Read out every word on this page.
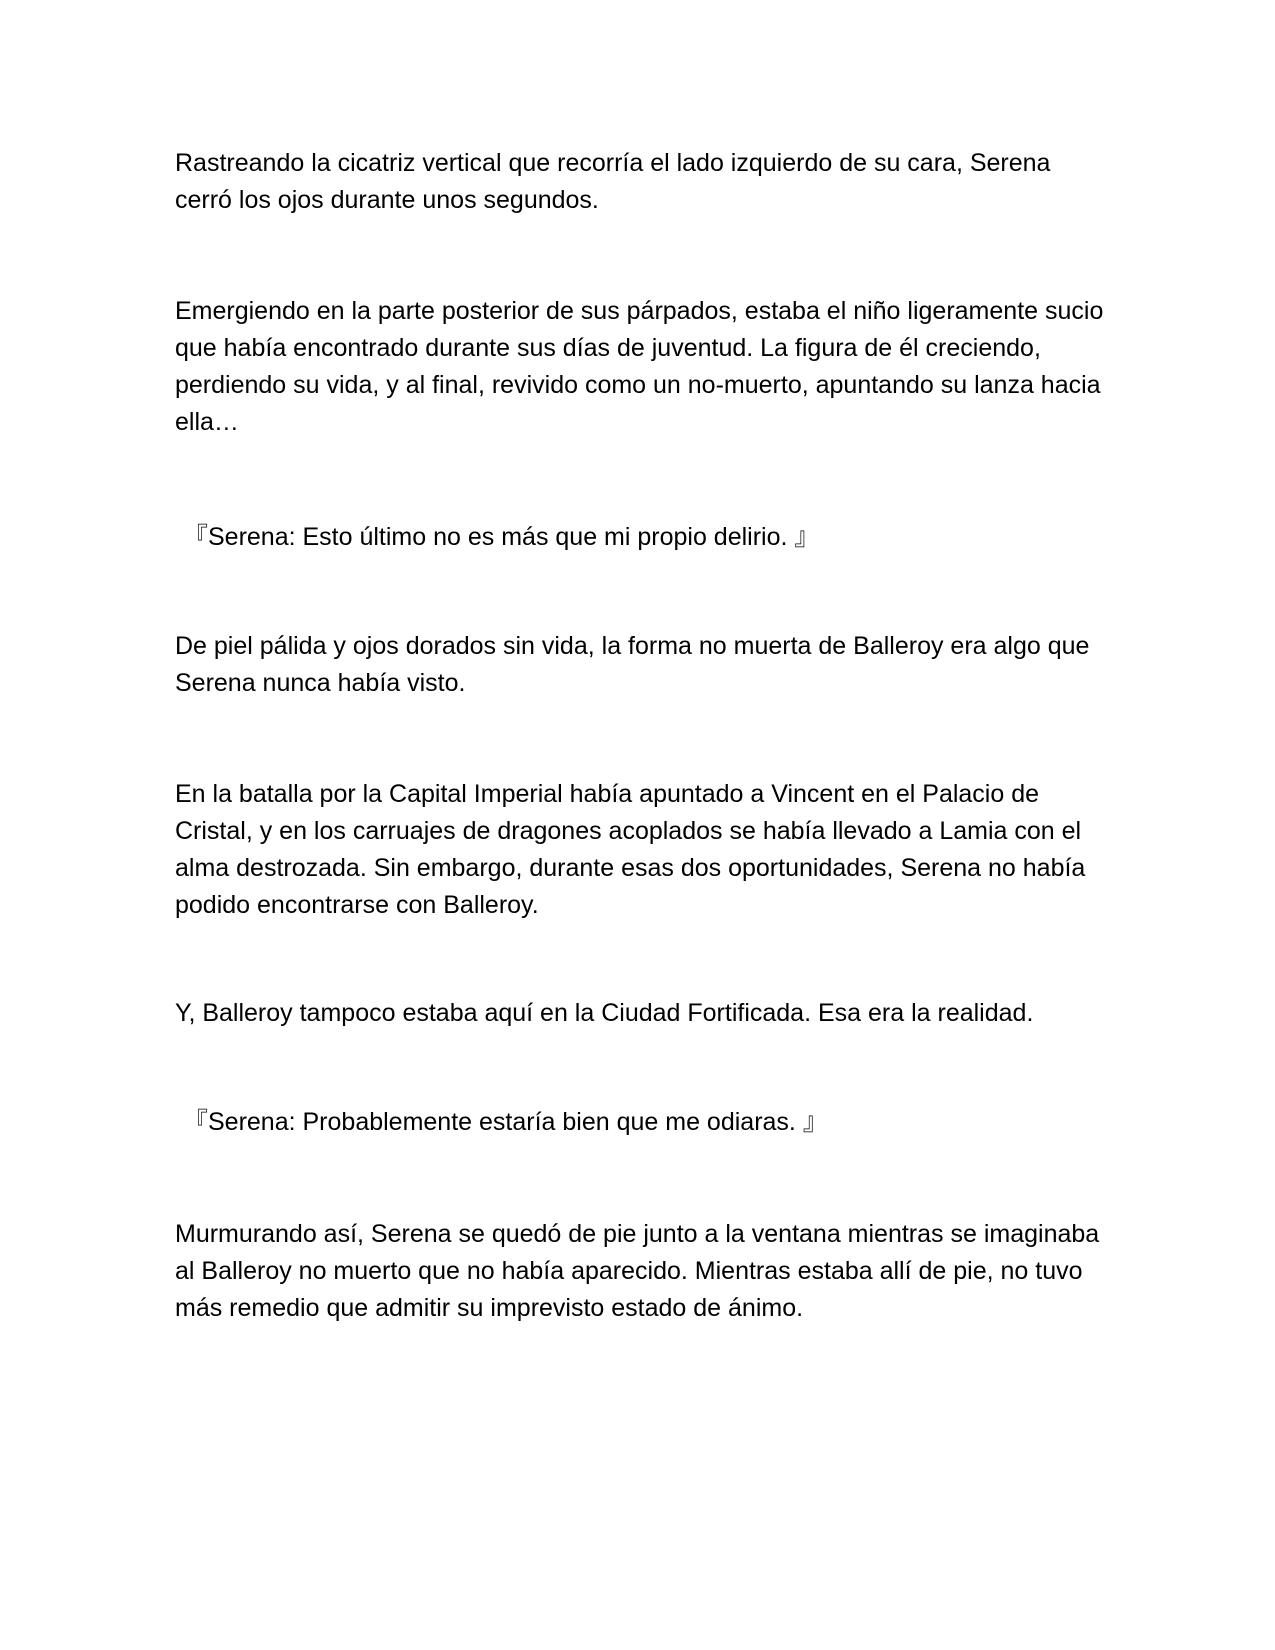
Rastreando la cicatriz vertical que recorría el lado izquierdo de su cara, Serena cerró los ojos durante unos segundos.

Emergiendo en la parte posterior de sus párpados, estaba el niño ligeramente sucio que había encontrado durante sus días de juventud. La figura de él creciendo, perdiendo su vida, y al final, revivido como un no-muerto, apuntando su lanza hacia ella…

『Serena: Esto último no es más que mi propio delirio. 』

De piel pálida y ojos dorados sin vida, la forma no muerta de Balleroy era algo que Serena nunca había visto.

En la batalla por la Capital Imperial había apuntado a Vincent en el Palacio de Cristal, y en los carruajes de dragones acoplados se había llevado a Lamia con el alma destrozada. Sin embargo, durante esas dos oportunidades, Serena no había podido encontrarse con Balleroy.

Y, Balleroy tampoco estaba aquí en la Ciudad Fortificada. Esa era la realidad.

『Serena: Probablemente estaría bien que me odiaras. 』

Murmurando así, Serena se quedó de pie junto a la ventana mientras se imaginaba al Balleroy no muerto que no había aparecido. Mientras estaba allí de pie, no tuvo más remedio que admitir su imprevisto estado de ánimo.
